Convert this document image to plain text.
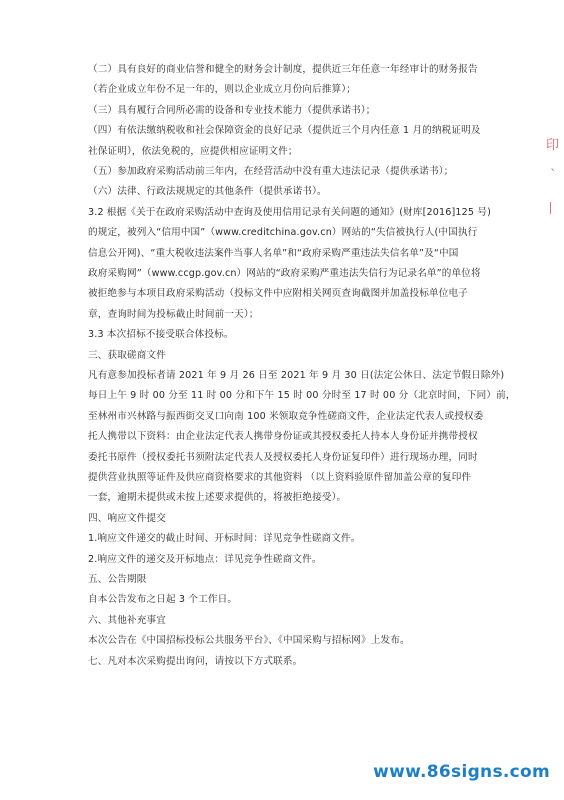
（二）具有良好的商业信誉和健全的财务会计制度，提供近三年任意一年经审计的财务报告
（若企业成立年份不足一年的，则以企业成立月份向后推算）；
（三）具有履行合同所必需的设备和专业技术能力（提供承诺书）；
（四）有依法缴纳税收和社会保障资金的良好记录（提供近三个月内任意 1 月的纳税证明及
社保证明），依法免税的，应提供相应证明文件；
（五）参加政府采购活动前三年内，在经营活动中没有重大违法记录（提供承诺书）；
（六）法律、行政法规规定的其他条件（提供承诺书）。
3.2 根据《关于在政府采购活动中查询及使用信用记录有关问题的通知》(财库[2016]125 号)
的规定，被列入“信用中国”（www.creditchina.gov.cn）网站的“失信被执行人(中国执行
信息公开网)、“重大税收违法案件当事人名单”和“政府采购严重违法失信名单”及“中国
政府采购网”（www.ccgp.gov.cn）网站的“政府采购严重违法失信行为记录名单”的单位将
被拒绝参与本项目政府采购活动（投标文件中应附相关网页查询截图并加盖投标单位电子
章，查询时间为投标截止时间前一天）；
3.3 本次招标不接受联合体投标。
三、获取磋商文件
凡有意参加投标者请 2021 年 9 月 26 日至 2021 年 9 月 30 日(法定公休日、法定节假日除外)
每日上午 9 时 00 分至 11 时 00 分和下午 15 时 00 分时至 17 时 00 分（北京时间，下同）前，
至林州市兴林路与振西街交叉口向南 100 米领取竞争性磋商文件，企业法定代表人或授权委
托人携带以下资料：由企业法定代表人携带身份证或其授权委托人持本人身份证并携带授权
委托书原件（授权委托书须附法定代表人及授权委托人身份证复印件）进行现场办理，同时
提供营业执照等证件及供应商资格要求的其他资料 （以上资料验原件留加盖公章的复印件
一套，逾期未提供或未按上述要求提供的，将被拒绝接受）。
四、响应文件提交
1.响应文件递交的截止时间、开标时间：详见竞争性磋商文件。
2.响应文件的递交及开标地点：详见竞争性磋商文件。
五、公告期限
自本公告发布之日起 3 个工作日。
六、其他补充事宜
本次公告在《中国招标投标公共服务平台》、《中国采购与招标网》上发布。
七、凡对本次采购提出询问，请按以下方式联系。
印
`
丨
www.86signs.com
